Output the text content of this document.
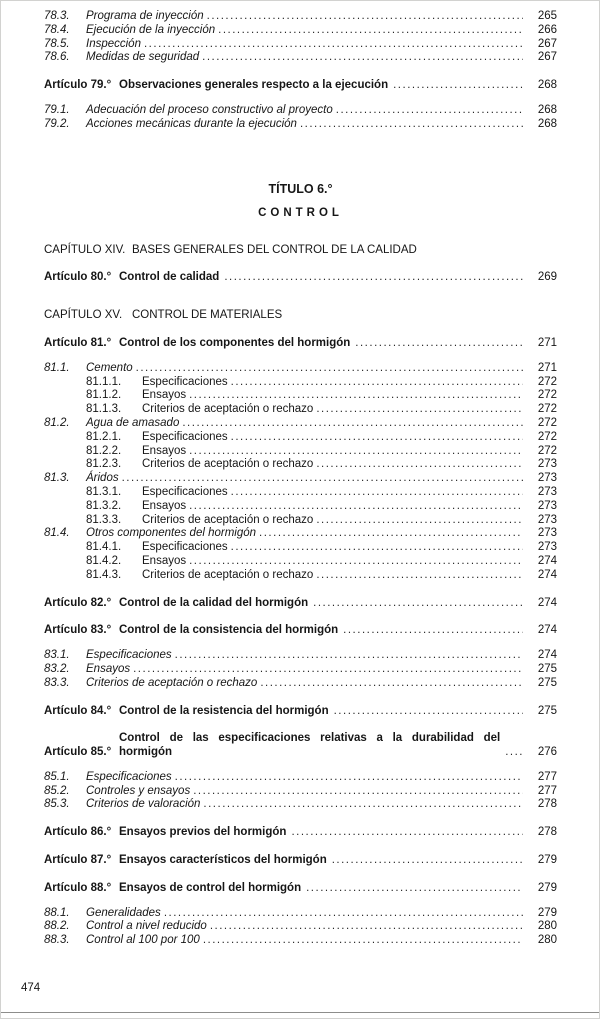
78.3.	Programa de inyección .....	265
78.4.	Ejecución de la inyección .....	266
78.5.	Inspección .....	267
78.6.	Medidas de seguridad .....	267
Artículo 79.° Observaciones generales respecto a la ejecución .....	268
79.1.	Adecuación del proceso constructivo al proyecto .....	268
79.2.	Acciones mecánicas durante la ejecución .....	268
TÍTULO 6.°
CONTROL
CAPÍTULO XIV. BASES GENERALES DEL CONTROL DE LA CALIDAD
Artículo 80.° Control de calidad .....	269
CAPÍTULO XV. CONTROL DE MATERIALES
Artículo 81.° Control de los componentes del hormigón .....	271
81.1.	Cemento .....	271
81.1.1.	Especificaciones .....	272
81.1.2.	Ensayos .....	272
81.1.3.	Criterios de aceptación o rechazo .....	272
81.2.	Agua de amasado .....	272
81.2.1.	Especificaciones .....	272
81.2.2.	Ensayos .....	272
81.2.3.	Criterios de aceptación o rechazo .....	273
81.3.	Áridos .....	273
81.3.1.	Especificaciones .....	273
81.3.2.	Ensayos .....	273
81.3.3.	Criterios de aceptación o rechazo .....	273
81.4.	Otros componentes del hormigón .....	273
81.4.1.	Especificaciones .....	273
81.4.2.	Ensayos .....	274
81.4.3.	Criterios de aceptación o rechazo .....	274
Artículo 82.° Control de la calidad del hormigón .....	274
Artículo 83.° Control de la consistencia del hormigón .....	274
83.1.	Especificaciones .....	274
83.2.	Ensayos .....	275
83.3.	Criterios de aceptación o rechazo .....	275
Artículo 84.° Control de la resistencia del hormigón .....	275
Artículo 85.°
Control de las especificaciones relativas a la durabilidad del hormigón .....	276
85.1.	Especificaciones .....	277
85.2.	Controles y ensayos .....	277
85.3.	Criterios de valoración .....	278
Artículo 86.° Ensayos previos del hormigón .....	278
Artículo 87.° Ensayos característicos del hormigón .....	279
Artículo 88.° Ensayos de control del hormigón .....	279
88.1.	Generalidades .....	279
88.2.	Control a nivel reducido .....	280
88.3.	Control al 100 por 100 .....	280
474
